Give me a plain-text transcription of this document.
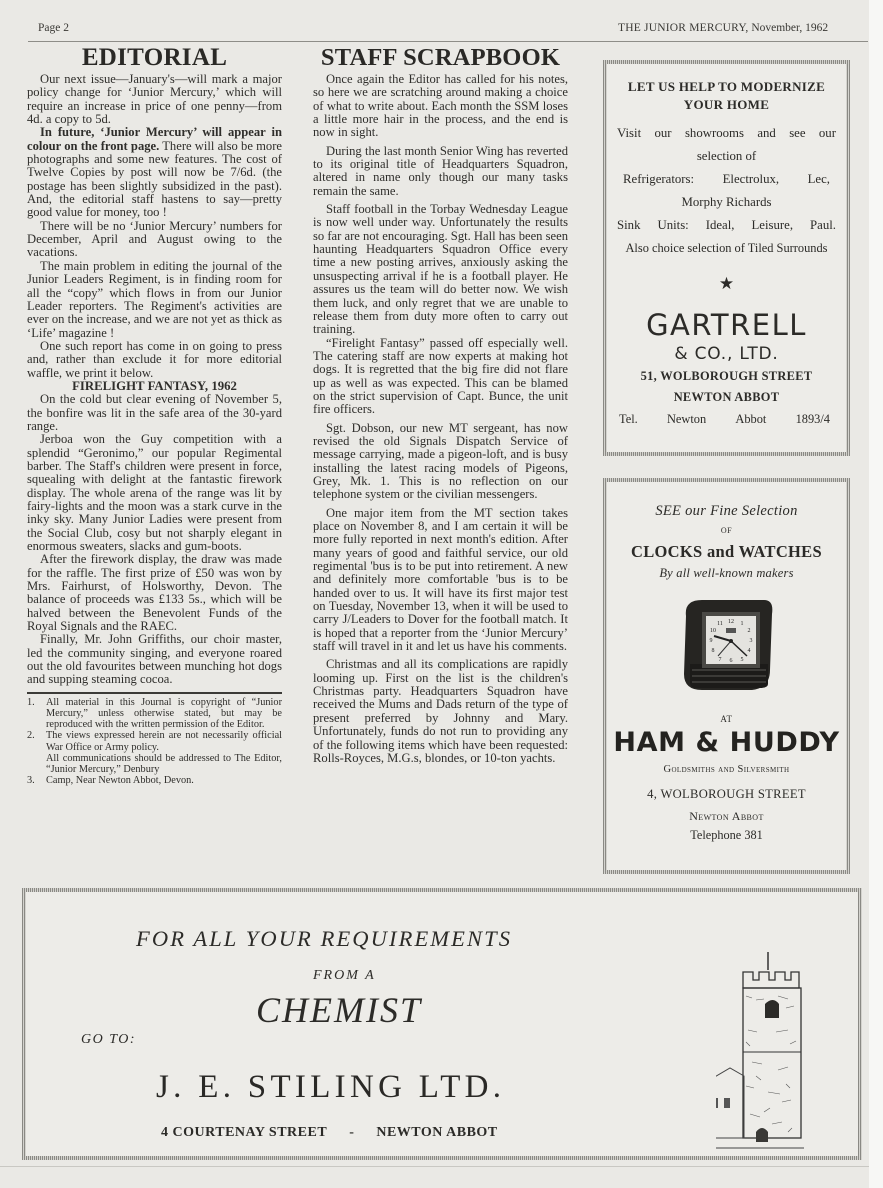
Page 2	THE JUNIOR MERCURY, November, 1962
EDITORIAL

Our next issue—January's—will mark a major policy change for ‘Junior Mercury,’ which will require an increase in price of one penny—from 4d. a copy to 5d.

In future, ‘Junior Mercury’ will appear in colour on the front page. There will also be more photographs and some new features. The cost of Twelve Copies by post will now be 7/6d. (the postage has been slightly subsidized in the past). And, the editorial staff hastens to say—pretty good value for money, too !

There will be no ‘Junior Mercury’ numbers for December, April and August owing to the vacations.

The main problem in editing the journal of the Junior Leaders Regiment, is in finding room for all the “copy” which flows in from our Junior Leader reporters. The Regiment's activities are ever on the increase, and we are not yet as thick as ‘Life’ magazine !

One such report has come in on going to press and, rather than exclude it for more editorial waffle, we print it below.

FIRELIGHT FANTASY, 1962

On the cold but clear evening of November 5, the bonfire was lit in the safe area of the 30-yard range.

Jerboa won the Guy competition with a splendid “Geronimo,” our popular Regimental barber. The Staff's children were present in force, squealing with delight at the fantastic firework display. The whole arena of the range was lit by fairy-lights and the moon was a stark curve in the inky sky. Many Junior Ladies were present from the Social Club, cosy but not sharply elegant in enormous sweaters, slacks and gum-boots.

After the firework display, the draw was made for the raffle. The first prize of £50 was won by Mrs. Fairhurst, of Holsworthy, Devon. The balance of proceeds was £133 5s., which will be halved between the Benevolent Funds of the Royal Signals and the RAEC.

Finally, Mr. John Griffiths, our choir master, led the community singing, and everyone roared out the old favourites between munching hot dogs and supping steaming cocoa.

1.	All material in this Journal is copyright of “Junior Mercury,” unless otherwise stated, but may be reproduced with the written permission of the Editor.
2.	The views expressed herein are not necessarily official War Office or Army policy.
All communications should be addressed to The Editor, “Junior Mercury,” Denbury
3.	Camp, Near Newton Abbot, Devon.
STAFF SCRAPBOOK

Once again the Editor has called for his notes, so here we are scratching around making a choice of what to write about. Each month the SSM loses a little more hair in the process, and the end is now in sight.

During the last month Senior Wing has reverted to its original title of Headquarters Squadron, altered in name only though our many tasks remain the same.

Staff football in the Torbay Wednesday League is now well under way. Unfortunately the results so far are not encouraging. Sgt. Hall has been seen haunting Headquarters Squadron Office every time a new posting arrives, anxiously asking the unsuspecting arrival if he is a football player. He assures us the team will do better now. We wish them luck, and only regret that we are unable to release them from duty more often to carry out training.

“Firelight Fantasy” passed off especially well. The catering staff are now experts at making hot dogs. It is regretted that the big fire did not flare up as well as was expected. This can be blamed on the strict supervision of Capt. Bunce, the unit fire officers.

Sgt. Dobson, our new MT sergeant, has now revised the old Signals Dispatch Service of message carrying, made a pigeon-loft, and is busy installing the latest racing models of Pigeons, Grey, Mk. 1. This is no reflection on our telephone system or the civilian messengers.

One major item from the MT section takes place on November 8, and I am certain it will be more fully reported in next month's edition. After many years of good and faithful service, our old regimental 'bus is to be put into retirement. A new and definitely more comfortable 'bus is to be handed over to us. It will have its first major test on Tuesday, November 13, when it will be used to carry J/Leaders to Dover for the football match. It is hoped that a reporter from the ‘Junior Mercury’ staff will travel in it and let us have his comments.

Christmas and all its complications are rapidly looming up. First on the list is the children's Christmas party. Headquarters Squadron have received the Mums and Dads return of the type of present preferred by Johnny and Mary. Unfortunately, funds do not run to providing any of the following items which have been requested: Rolls-Royces, M.G.s, blondes, or 10-ton yachts.

LET US HELP TO MODERNIZE YOUR HOME
Visit our showrooms and see our
selection of
Refrigerators: Electrolux, Lec,
Morphy Richards
Sink Units: Ideal, Leisure, Paul.
Also choice selection of Tiled Surrounds
★
GARTRELL
& CO., LTD.
51, WOLBOROUGH STREET
NEWTON ABBOT
Tel. Newton Abbot 1893/4
SEE our Fine Selection
OF
CLOCKS and WATCHES
By all well-known makers
12 1
2
3
4
5
6
7
8
9
10
11
AT
HAM & HUDDY
Goldsmiths and Silversmith
4, WOLBOROUGH STREET
Newton Abbot
Telephone 381
FOR ALL YOUR REQUIREMENTS
FROM A
CHEMIST
GO TO:
J. E. STILING LTD.
4 COURTENAY STREET - NEWTON ABBOT
